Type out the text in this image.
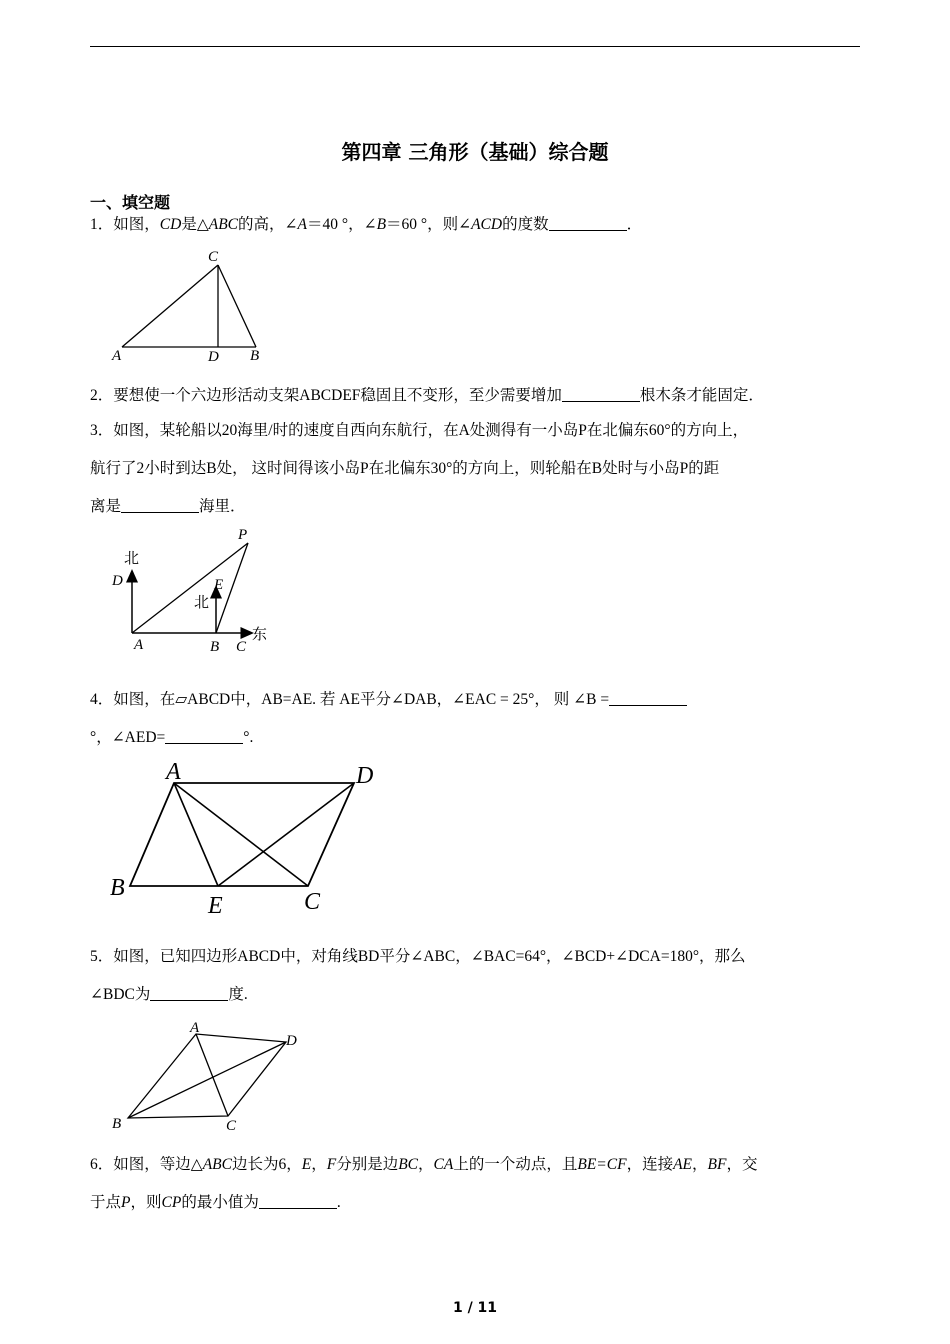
第四章 三角形（基础）综合题
一、填空题
1．如图，CD是△ABC的高，∠A＝40 °，∠B＝60 °，则∠ACD的度数	．
C
A	D B
2．要想使一个六边形活动支架ABCDEF稳固且不变形，至少需要增加	根木条才能固定．
3．如图，某轮船以20海里/时的速度自西向东航行，在A处测得有一小岛P在北偏东60°的方向上，
航行了2小时到达B处， 这时间得该小岛P在北偏东30°的方向上，则轮船在B处时与小岛P的距
离是	海里．
P
北
D	E
北
A	B C
东
4．如图，在▱ABCD中，AB=AE. 若 AE平分∠DAB，∠EAC = 25°， 则 ∠B =
°，∠AED=	°.
A	D
B
E	C
5．如图，已知四边形ABCD中，对角线BD平分∠ABC，∠BAC=64°，∠BCD+∠DCA=180°，那么
∠BDC为	度.
A
D
B	C
6．如图，等边△ABC边长为6，E，F分别是边BC，CA上的一个动点，且BE=CF，连接AE，BF，交
于点P，则CP的最小值为	.
1 / 11
